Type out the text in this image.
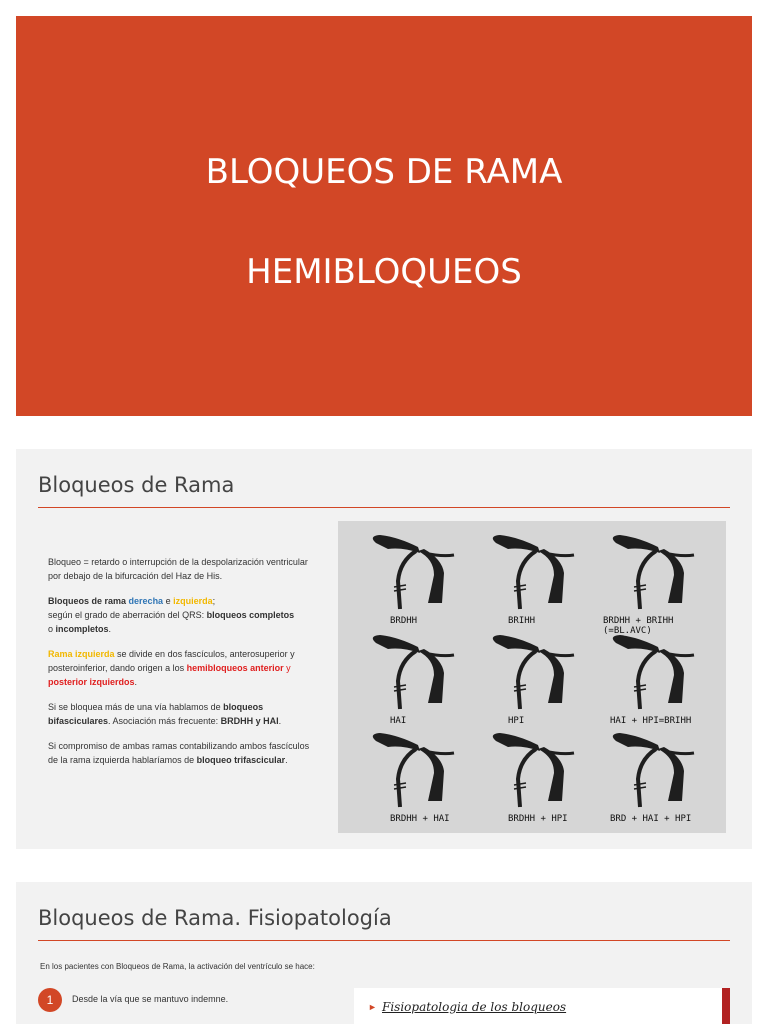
BLOQUEOS DE RAMA
HEMIBLOQUEOS
Bloqueos de Rama

Bloqueo = retardo o interrupción de la despolarización ventricular por debajo de la bifurcación del Haz de His.

Bloqueos de rama derecha e izquierda;
según el grado de aberración del QRS: bloqueos completos
o incompletos.

Rama izquierda se divide en dos fascículos, anterosuperior y posteroinferior, dando origen a los hemibloqueos anterior y posterior izquierdos.

Si se bloquea más de una vía hablamos de bloqueos bifasciculares. Asociación más frecuente: BRDHH y HAI.

Si compromiso de ambas ramas contabilizando ambos fascículos de la rama izquierda hablaríamos de bloqueo trifascicular.

BRDHH	BRIHH	BRDHH + BRIHH
(=BL.AVC)
HAI	HPI	HAI + HPI=BRIHH
BRDHH + HAI	BRDHH + HPI	BRD + HAI + HPI
Bloqueos de Rama. Fisiopatología
En los pacientes con Bloqueos de Rama, la activación del ventrículo se hace:
1	Desde la vía que se mantuvo indemne.
► Fisiopatologia de los bloqueos
